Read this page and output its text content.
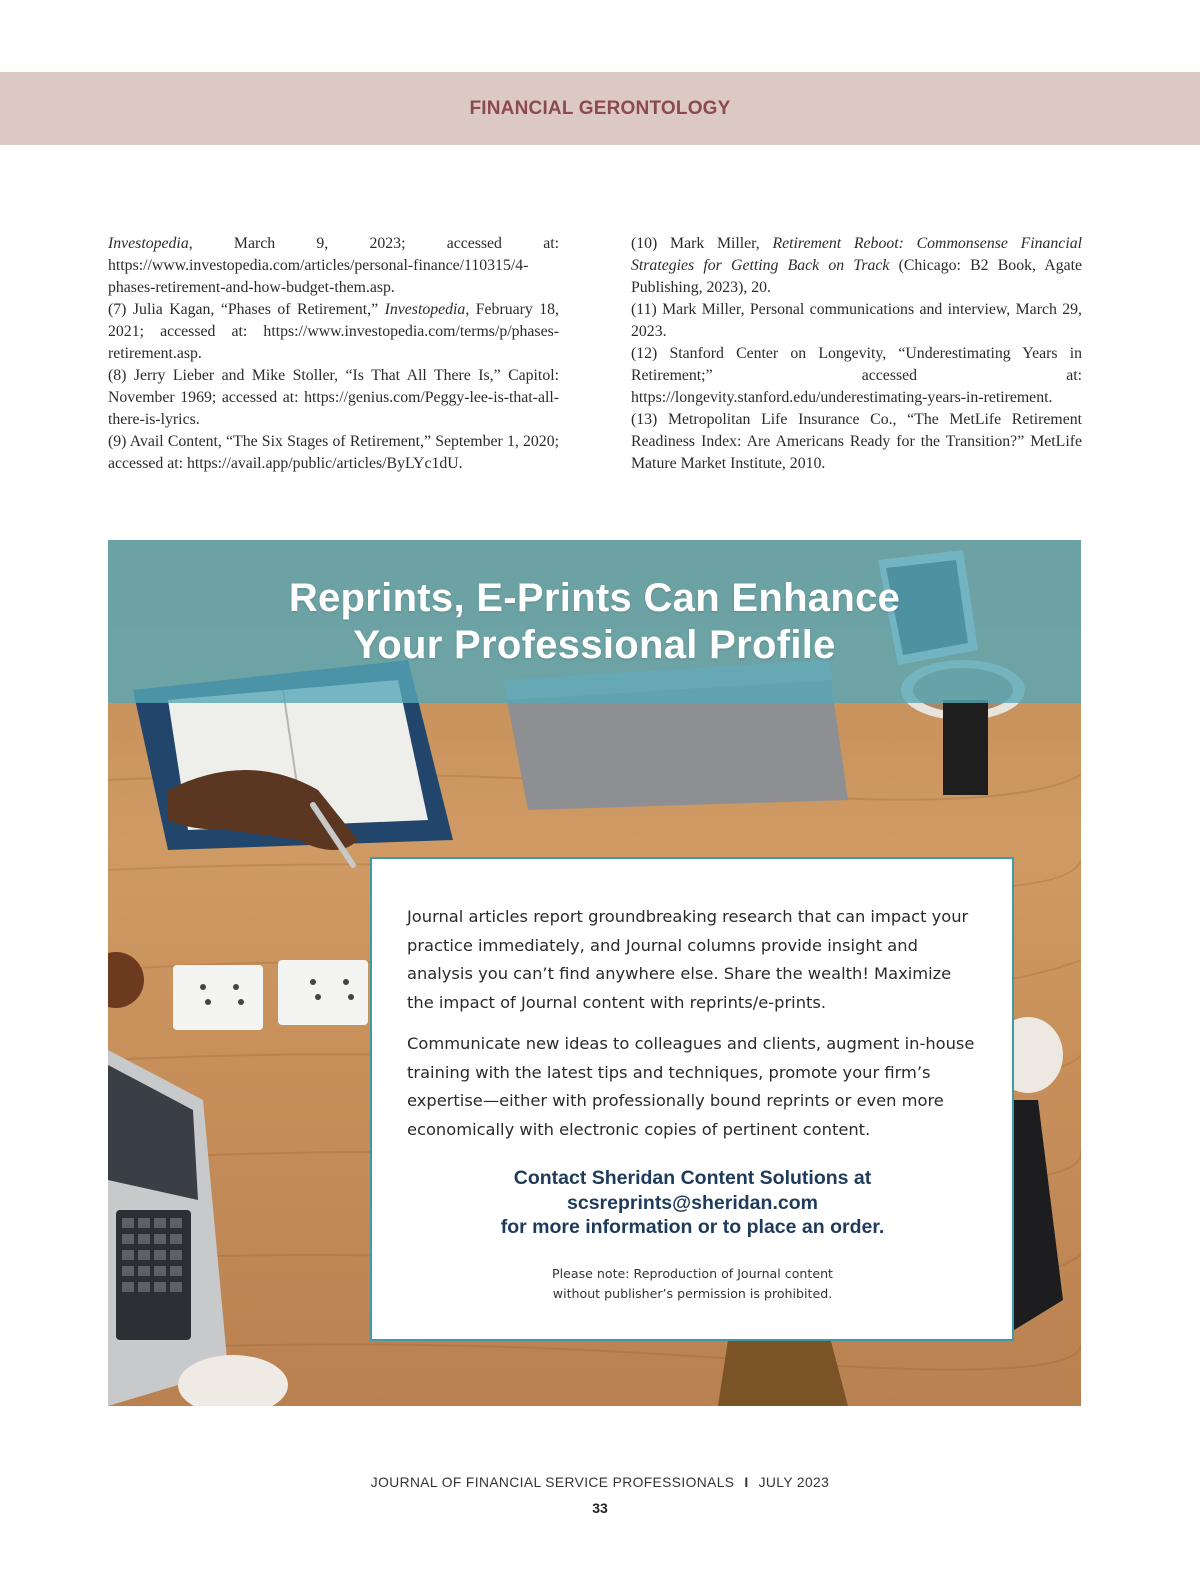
FINANCIAL GERONTOLOGY

Investopedia, March 9, 2023; accessed at: https://www.investopedia.com/articles/personal-finance/110315/4-phases-retirement-and-how-budget-them.asp.

(7) Julia Kagan, “Phases of Retirement,” Investopedia, February 18, 2021; accessed at: https://www.investopedia.com/terms/p/phases-retirement.asp.

(8) Jerry Lieber and Mike Stoller, “Is That All There Is,” Capitol: November 1969; accessed at: https://genius.com/Peggy-lee-is-that-all-there-is-lyrics.

(9) Avail Content, “The Six Stages of Retirement,” September 1, 2020; accessed at: https://avail.app/public/articles/ByLYc1dU.

(10) Mark Miller, Retirement Reboot: Commonsense Financial Strategies for Getting Back on Track (Chicago: B2 Book, Agate Publishing, 2023), 20.

(11) Mark Miller, Personal communications and interview, March 29, 2023.

(12) Stanford Center on Longevity, “Underestimating Years in Retirement;” accessed at: https://longevity.stanford.edu/underestimating-years-in-retirement.

(13) Metropolitan Life Insurance Co., “The MetLife Retirement Readiness Index: Are Americans Ready for the Transition?” MetLife Mature Market Institute, 2010.

Reprints, E-Prints Can Enhance
Your Professional Profile

Journal articles report groundbreaking research that can impact your practice immediately, and Journal columns provide insight and analysis you can’t find anywhere else. Share the wealth! Maximize the impact of Journal content with reprints/e-prints.

Communicate new ideas to colleagues and clients, augment in-house training with the latest tips and techniques, promote your firm’s expertise—either with professionally bound reprints or even more economically with electronic copies of pertinent content.

Contact Sheridan Content Solutions at
scsreprints@sheridan.com
for more information or to place an order.
Please note: Reproduction of Journal content
without publisher’s permission is prohibited.
JOURNAL OF FINANCIAL SERVICE PROFESSIONALS I JULY 2023
33
